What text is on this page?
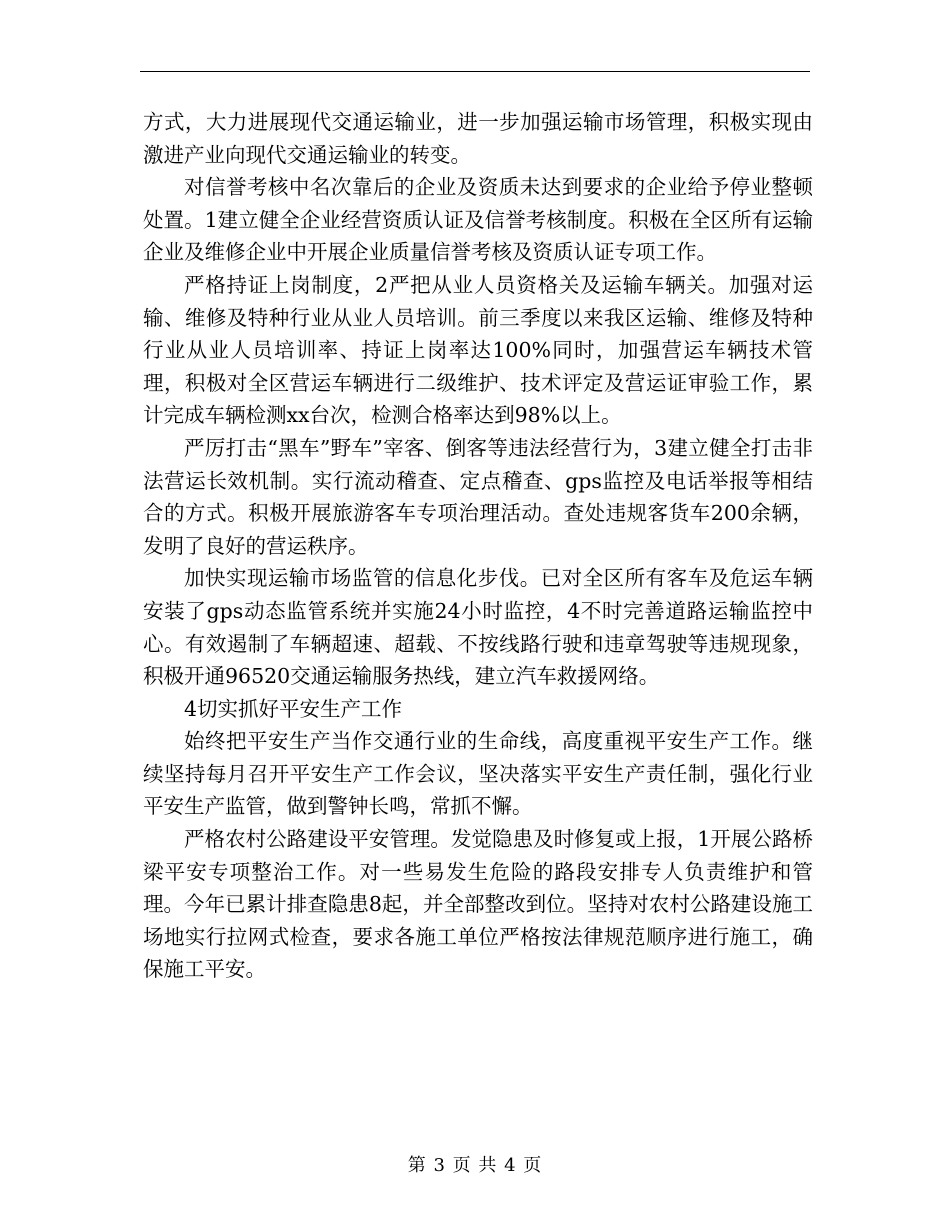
方式，大力进展现代交通运输业，进一步加强运输市场管理，积极实现由激进产业向现代交通运输业的转变。

对信誉考核中名次靠后的企业及资质未达到要求的企业给予停业整顿处置。1建立健全企业经营资质认证及信誉考核制度。积极在全区所有运输企业及维修企业中开展企业质量信誉考核及资质认证专项工作。

严格持证上岗制度，2严把从业人员资格关及运输车辆关。加强对运输、维修及特种行业从业人员培训。前三季度以来我区运输、维修及特种行业从业人员培训率、持证上岗率达100%同时，加强营运车辆技术管理，积极对全区营运车辆进行二级维护、技术评定及营运证审验工作，累计完成车辆检测xx台次，检测合格率达到98%以上。

严厉打击“黑车”野车”宰客、倒客等违法经营行为，3建立健全打击非法营运长效机制。实行流动稽查、定点稽查、gps监控及电话举报等相结合的方式。积极开展旅游客车专项治理活动。查处违规客货车200余辆，发明了良好的营运秩序。

加快实现运输市场监管的信息化步伐。已对全区所有客车及危运车辆安装了gps动态监管系统并实施24小时监控，4不时完善道路运输监控中心。有效遏制了车辆超速、超载、不按线路行驶和违章驾驶等违规现象，积极开通96520交通运输服务热线，建立汽车救援网络。

4切实抓好平安生产工作

始终把平安生产当作交通行业的生命线，高度重视平安生产工作。继续坚持每月召开平安生产工作会议，坚决落实平安生产责任制，强化行业平安生产监管，做到警钟长鸣，常抓不懈。

严格农村公路建设平安管理。发觉隐患及时修复或上报，1开展公路桥梁平安专项整治工作。对一些易发生危险的路段安排专人负责维护和管理。今年已累计排查隐患8起，并全部整改到位。坚持对农村公路建设施工场地实行拉网式检查，要求各施工单位严格按法律规范顺序进行施工，确保施工平安。

第 3 页 共 4 页
